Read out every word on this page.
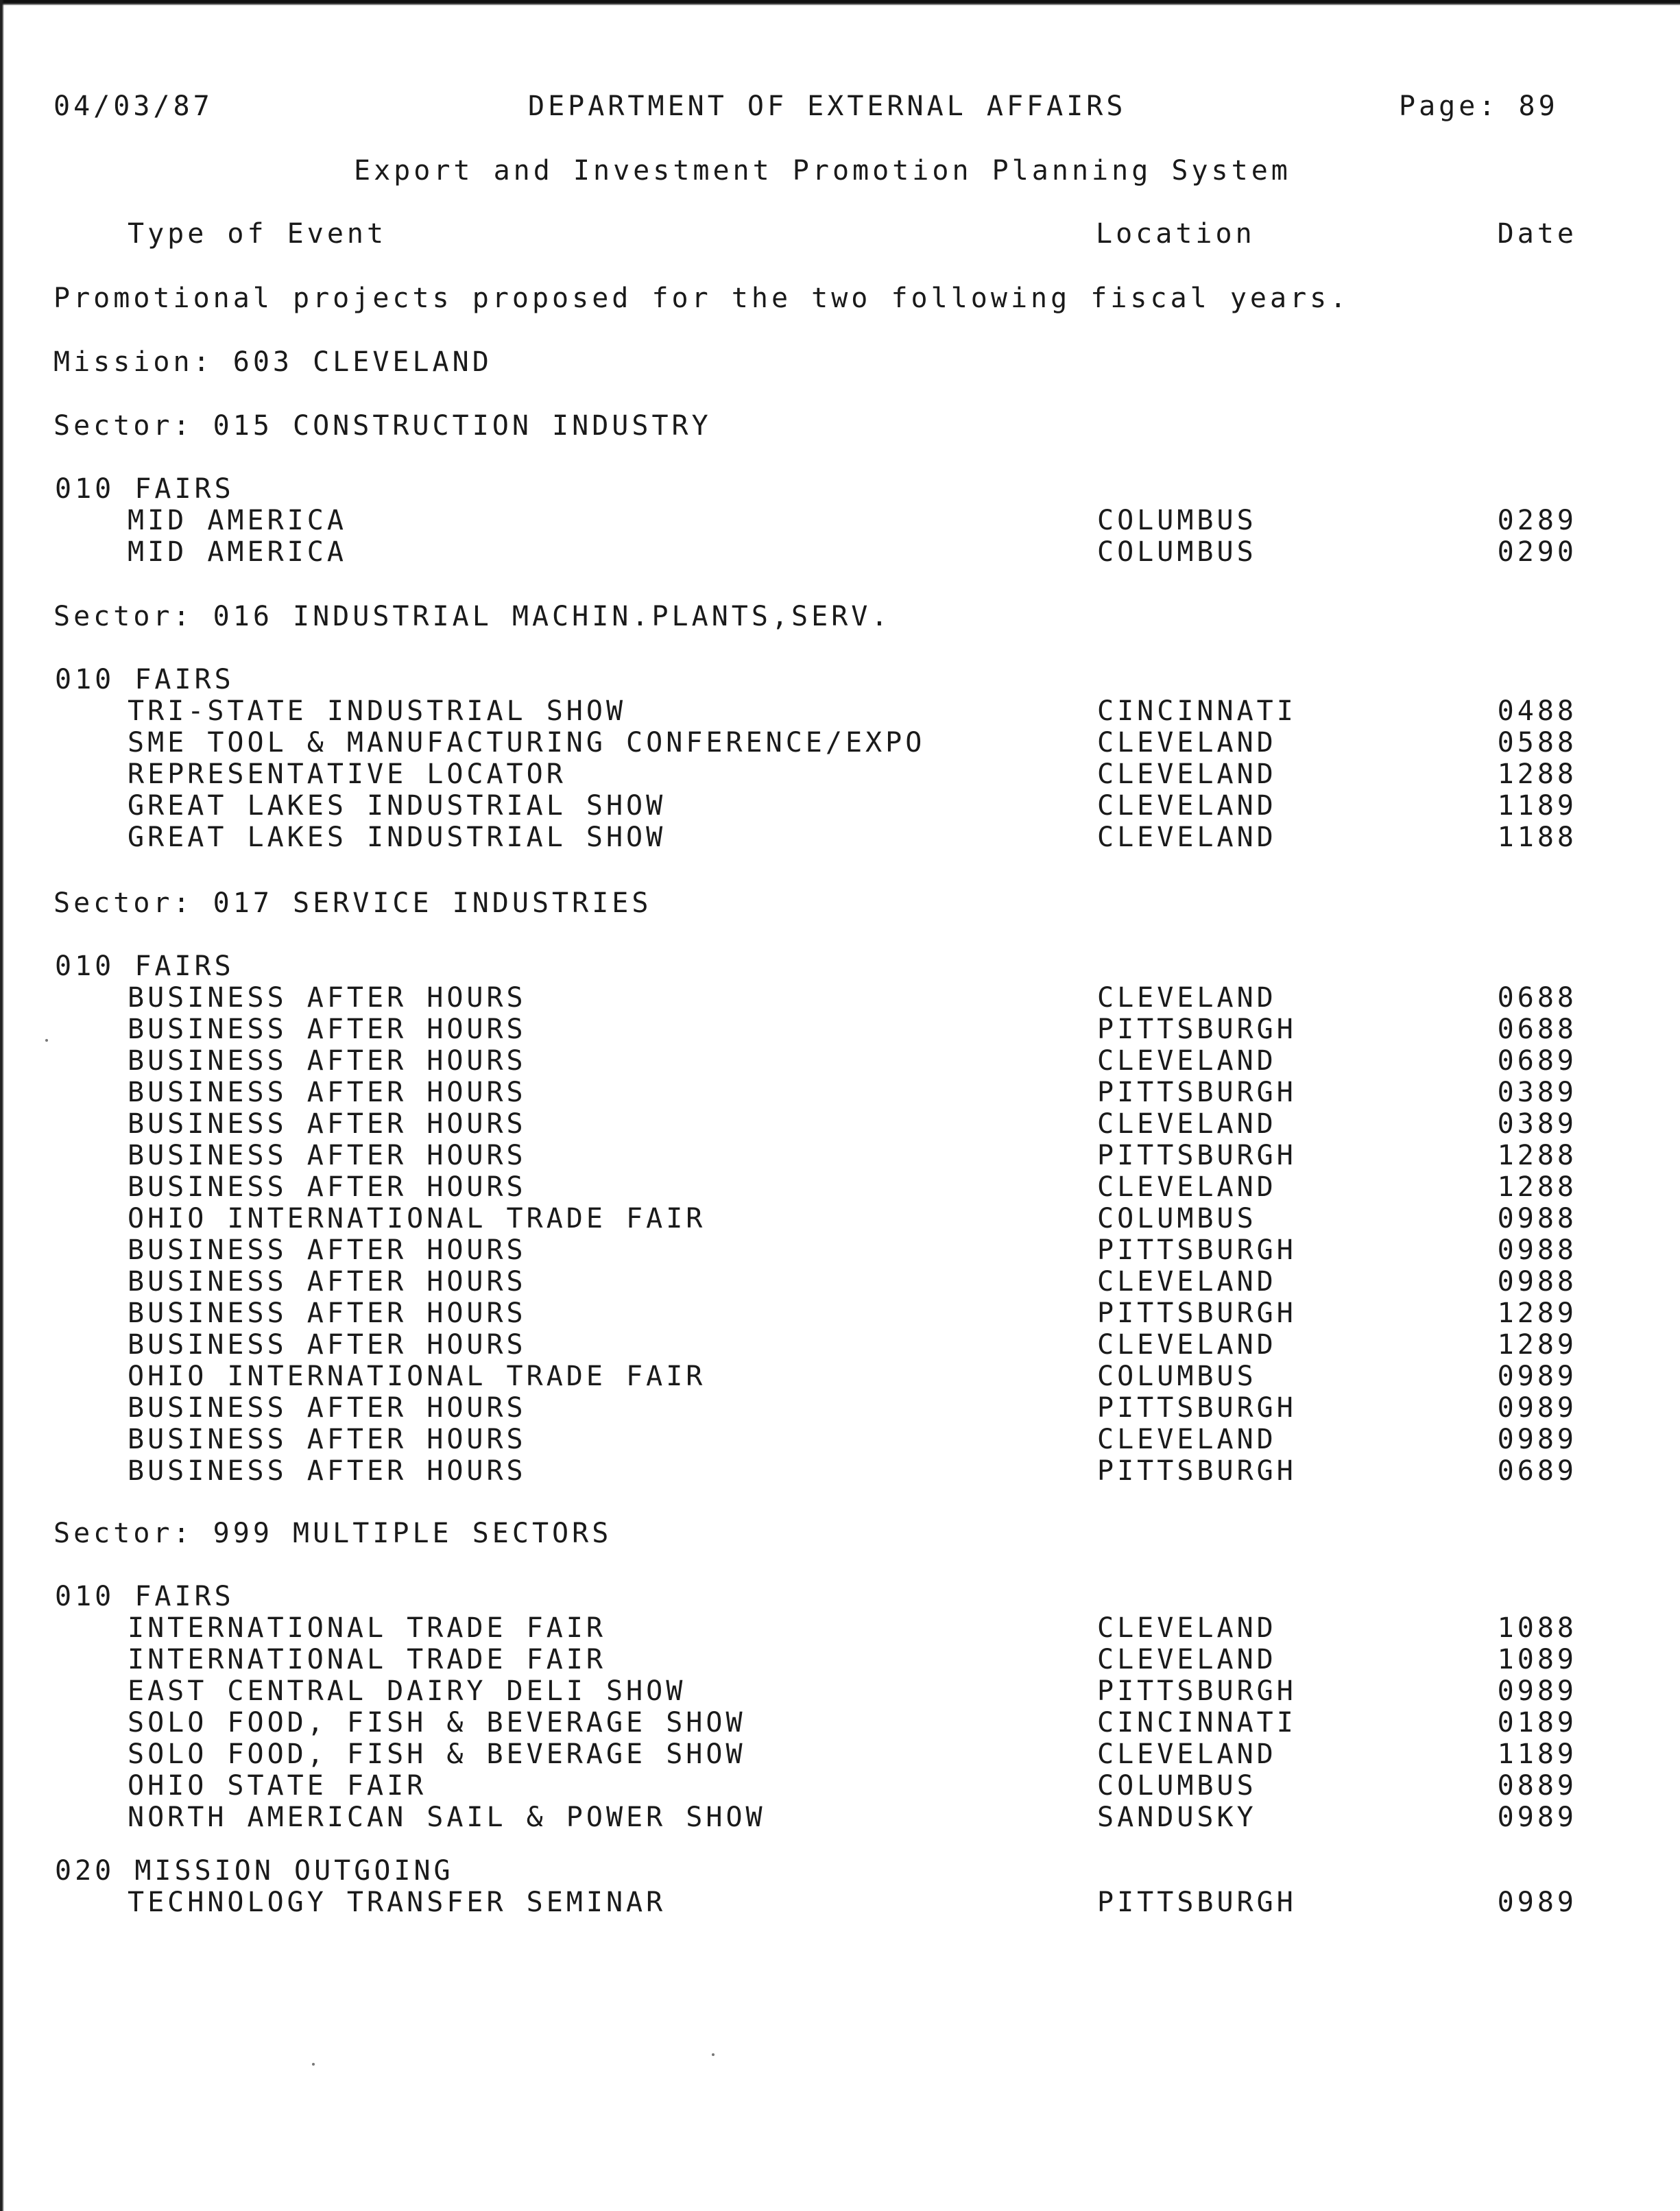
04/03/87	DEPARTMENT OF EXTERNAL AFFAIRS	Page: 89
Export and Investment Promotion Planning System
Type of Event	Location	Date
Promotional projects proposed for the two following fiscal years.
Mission: 603 CLEVELAND
Sector: 015 CONSTRUCTION INDUSTRY
010 FAIRS
MID AMERICA	COLUMBUS	0289
MID AMERICA	COLUMBUS	0290
Sector: 016 INDUSTRIAL MACHIN.PLANTS,SERV.
010 FAIRS
TRI-STATE INDUSTRIAL SHOW	CINCINNATI	0488
SME TOOL & MANUFACTURING CONFERENCE/EXPO	CLEVELAND	0588
REPRESENTATIVE LOCATOR	CLEVELAND	1288
GREAT LAKES INDUSTRIAL SHOW	CLEVELAND	1189
GREAT LAKES INDUSTRIAL SHOW	CLEVELAND	1188
Sector: 017 SERVICE INDUSTRIES
010 FAIRS
BUSINESS AFTER HOURS	CLEVELAND	0688
BUSINESS AFTER HOURS	PITTSBURGH	0688
BUSINESS AFTER HOURS	CLEVELAND	0689
BUSINESS AFTER HOURS	PITTSBURGH	0389
BUSINESS AFTER HOURS	CLEVELAND	0389
BUSINESS AFTER HOURS	PITTSBURGH	1288
BUSINESS AFTER HOURS	CLEVELAND	1288
OHIO INTERNATIONAL TRADE FAIR	COLUMBUS	0988
BUSINESS AFTER HOURS	PITTSBURGH	0988
BUSINESS AFTER HOURS	CLEVELAND	0988
BUSINESS AFTER HOURS	PITTSBURGH	1289
BUSINESS AFTER HOURS	CLEVELAND	1289
OHIO INTERNATIONAL TRADE FAIR	COLUMBUS	0989
BUSINESS AFTER HOURS	PITTSBURGH	0989
BUSINESS AFTER HOURS	CLEVELAND	0989
BUSINESS AFTER HOURS	PITTSBURGH	0689
Sector: 999 MULTIPLE SECTORS
010 FAIRS
INTERNATIONAL TRADE FAIR	CLEVELAND	1088
INTERNATIONAL TRADE FAIR	CLEVELAND	1089
EAST CENTRAL DAIRY DELI SHOW	PITTSBURGH	0989
SOLO FOOD, FISH & BEVERAGE SHOW	CINCINNATI	0189
SOLO FOOD, FISH & BEVERAGE SHOW	CLEVELAND	1189
OHIO STATE FAIR	COLUMBUS	0889
NORTH AMERICAN SAIL & POWER SHOW	SANDUSKY	0989
020 MISSION OUTGOING
TECHNOLOGY TRANSFER SEMINAR	PITTSBURGH	0989
